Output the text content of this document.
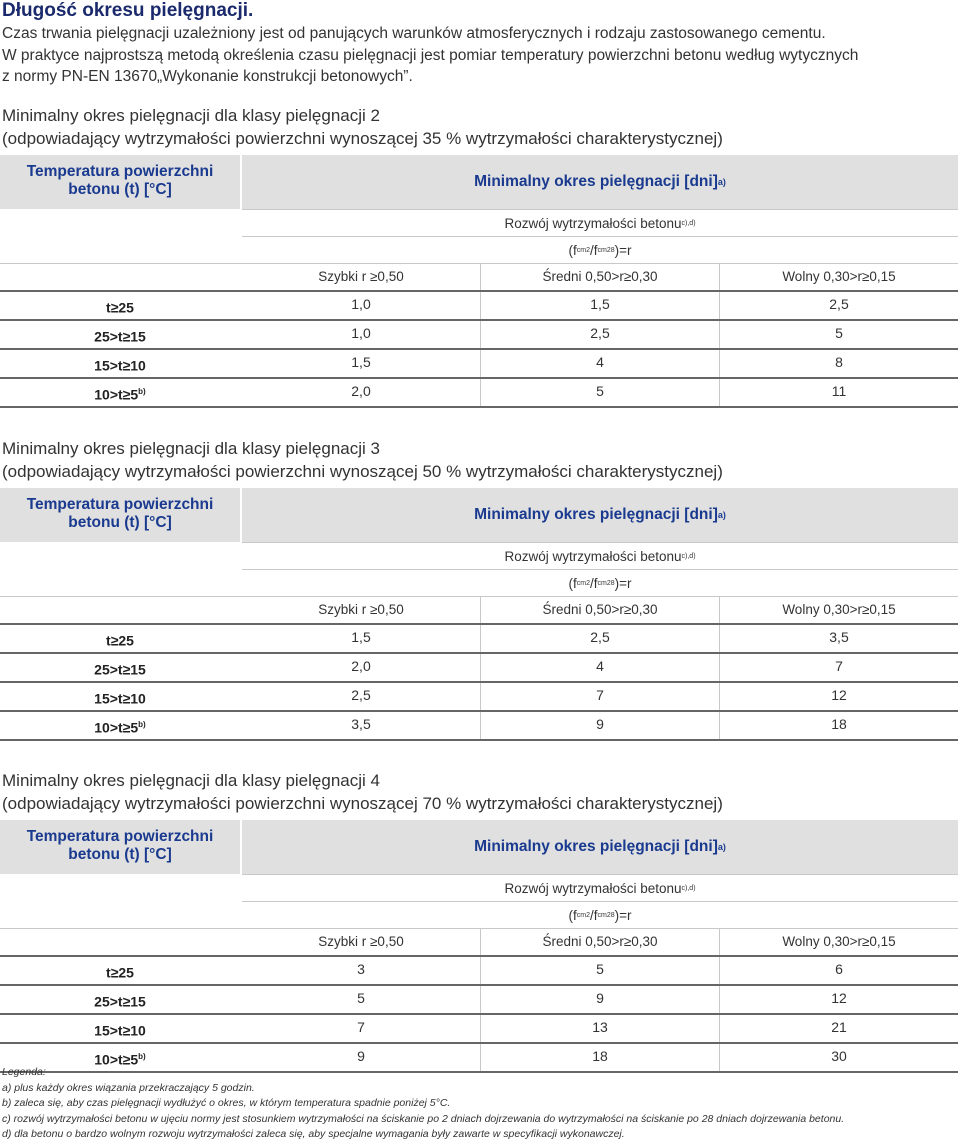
Długość okresu pielęgnacji.

Czas trwania pielęgnacji uzależniony jest od panujących warunków atmosferycznych i rodzaju zastosowanego cementu.

W praktyce najprostszą metodą określenia czasu pielęgnacji jest pomiar temperatury powierzchni betonu według wytycznych

z normy PN-EN 13670„Wykonanie konstrukcji betonowych”.

Minimalny okres pielęgnacji dla klasy pielęgnacji 2

(odpowiadający wytrzymałości powierzchni wynoszącej 35 % wytrzymałości charakterystycznej)

Temperatura powierzchni
betonu (t) [°C]	Minimalny okres pielęgnacji [dni] a)
Rozwój wytrzymałości betonu c),d)
(f cm2 /f cm28 )=r
Szybki r ≥0,50	Średni 0,50>r≥0,30	Wolny 0,30>r≥0,15
t≥25	1,0	1,5	2,5
25>t≥15	1,0	2,5	5
15>t≥10	1,5	4	8
$10>t\ge 5^{b)}$	2,0	5	11

Minimalny okres pielęgnacji dla klasy pielęgnacji 3

(odpowiadający wytrzymałości powierzchni wynoszącej 50 % wytrzymałości charakterystycznej)

Temperatura powierzchni
betonu (t) [°C]	Minimalny okres pielęgnacji [dni] a)
Rozwój wytrzymałości betonu c),d)
(f cm2 /f cm28 )=r
Szybki r ≥0,50	Średni 0,50>r≥0,30	Wolny 0,30>r≥0,15
t≥25	1,5	2,5	3,5
25>t≥15	2,0	4	7
15>t≥10	2,5	7	12
$10>t\ge 5^{b)}$	3,5	9	18

Minimalny okres pielęgnacji dla klasy pielęgnacji 4

(odpowiadający wytrzymałości powierzchni wynoszącej 70 % wytrzymałości charakterystycznej)

Temperatura powierzchni
betonu (t) [°C]	Minimalny okres pielęgnacji [dni] a)
Rozwój wytrzymałości betonu c),d)
(f cm2 /f cm28 )=r
Szybki r ≥0,50	Średni 0,50>r≥0,30	Wolny 0,30>r≥0,15
t≥25	3	5	6
25>t≥15	5	9	12
15>t≥10	7	13	21
$10>t\ge 5^{b)}$	9	18	30

Legenda:

a) plus każdy okres wiązania przekraczający 5 godzin.

b) zaleca się, aby czas pielęgnacji wydłużyć o okres, w którym temperatura spadnie poniżej 5°C.

c) rozwój wytrzymałości betonu w ujęciu normy jest stosunkiem wytrzymałości na ściskanie po 2 dniach dojrzewania do wytrzymałości na ściskanie po 28 dniach dojrzewania betonu.

d) dla betonu o bardzo wolnym rozwoju wytrzymałości zaleca się, aby specjalne wymagania były zawarte w specyfikacji wykonawczej.
